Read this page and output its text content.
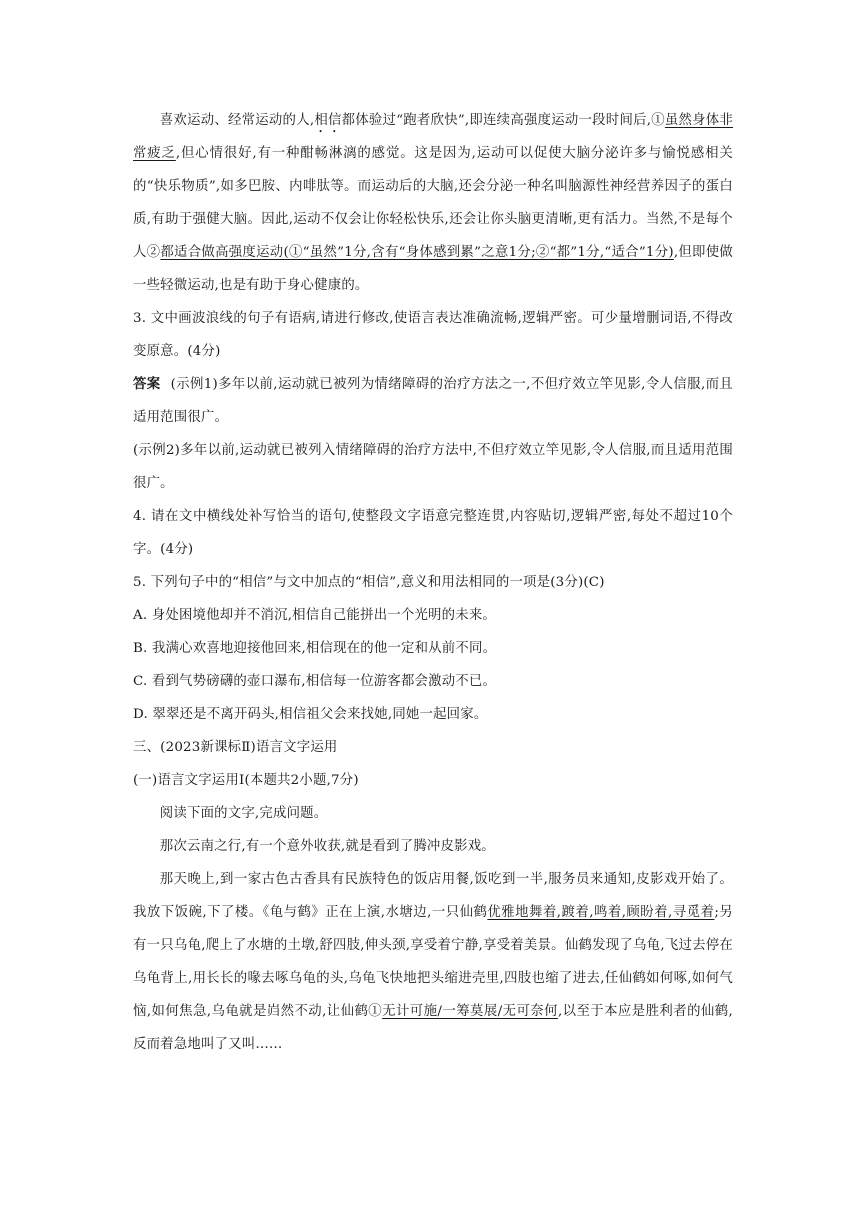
喜欢运动、经常运动的人,相信都体验过“跑者欣快”,即连续高强度运动一段时间后,①虽然身体非常疲乏,但心情很好,有一种酣畅淋漓的感觉。这是因为,运动可以促使大脑分泌许多与愉悦感相关的“快乐物质”,如多巴胺、内啡肽等。而运动后的大脑,还会分泌一种名叫脑源性神经营养因子的蛋白质,有助于强健大脑。因此,运动不仅会让你轻松快乐,还会让你头脑更清晰,更有活力。当然,不是每个人②都适合做高强度运动(①“虽然”1分,含有“身体感到累”之意1分;②“都”1分,“适合”1分),但即使做一些轻微运动,也是有助于身心健康的。

3. 文中画波浪线的句子有语病,请进行修改,使语言表达准确流畅,逻辑严密。可少量增删词语,不得改变原意。(4分)

答案 (示例1)多年以前,运动就已被列为情绪障碍的治疗方法之一,不但疗效立竿见影,令人信服,而且适用范围很广。

(示例2)多年以前,运动就已被列入情绪障碍的治疗方法中,不但疗效立竿见影,令人信服,而且适用范围很广。

4. 请在文中横线处补写恰当的语句,使整段文字语意完整连贯,内容贴切,逻辑严密,每处不超过10个字。(4分)

5. 下列句子中的“相信”与文中加点的“相信”,意义和用法相同的一项是(3分)(C)

A. 身处困境他却并不消沉,相信自己能拼出一个光明的未来。

B. 我满心欢喜地迎接他回来,相信现在的他一定和从前不同。

C. 看到气势磅礴的壶口瀑布,相信每一位游客都会激动不已。

D. 翠翠还是不离开码头,相信祖父会来找她,同她一起回家。

三、(2023新课标Ⅱ)语言文字运用

(一)语言文字运用Ⅰ(本题共2小题,7分)

阅读下面的文字,完成问题。

那次云南之行,有一个意外收获,就是看到了腾冲皮影戏。

那天晚上,到一家古色古香具有民族特色的饭店用餐,饭吃到一半,服务员来通知,皮影戏开始了。我放下饭碗,下了楼。《龟与鹤》正在上演,水塘边,一只仙鹤优雅地舞着,踱着,鸣着,顾盼着,寻觅着;另有一只乌龟,爬上了水塘的土墩,舒四肢,伸头颈,享受着宁静,享受着美景。仙鹤发现了乌龟,飞过去停在乌龟背上,用长长的喙去啄乌龟的头,乌龟飞快地把头缩进壳里,四肢也缩了进去,任仙鹤如何啄,如何气恼,如何焦急,乌龟就是岿然不动,让仙鹤①无计可施/一筹莫展/无可奈何,以至于本应是胜利者的仙鹤,反而着急地叫了又叫……
